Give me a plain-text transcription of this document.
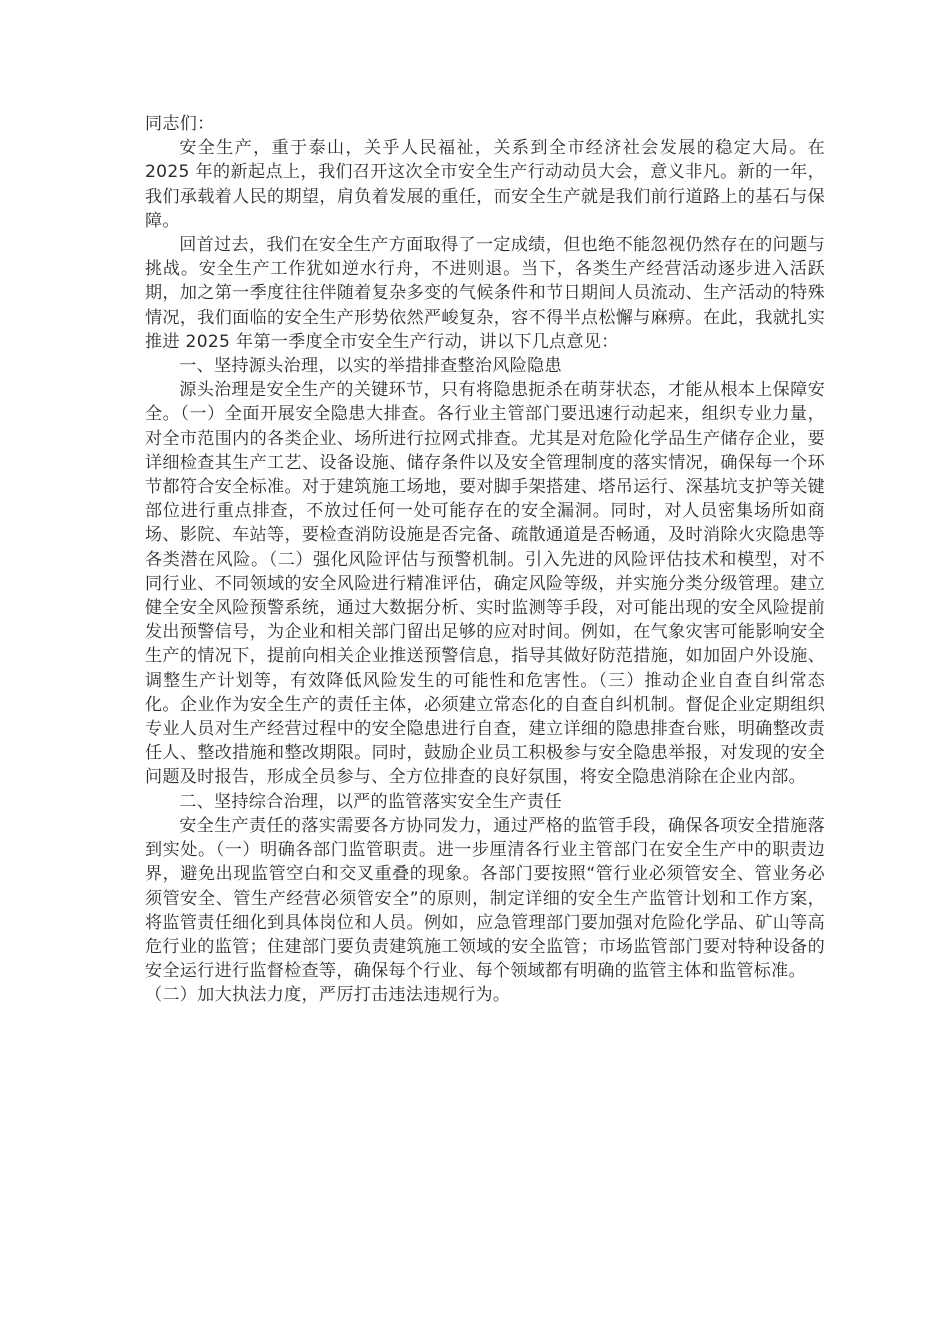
同志们：

安全生产，重于泰山，关乎人民福祉，关系到全市经济社会发展的稳定大局。在 2025 年的新起点上，我们召开这次全市安全生产行动动员大会，意义非凡。新的一年，我们承载着人民的期望，肩负着发展的重任，而安全生产就是我们前行道路上的基石与保障。

回首过去，我们在安全生产方面取得了一定成绩，但也绝不能忽视仍然存在的问题与挑战。安全生产工作犹如逆水行舟，不进则退。当下，各类生产经营活动逐步进入活跃期，加之第一季度往往伴随着复杂多变的气候条件和节日期间人员流动、生产活动的特殊情况，我们面临的安全生产形势依然严峻复杂，容不得半点松懈与麻痹。在此，我就扎实推进 2025 年第一季度全市安全生产行动，讲以下几点意见：

一、坚持源头治理，以实的举措排查整治风险隐患

源头治理是安全生产的关键环节，只有将隐患扼杀在萌芽状态，才能从根本上保障安全。（一）全面开展安全隐患大排查。各行业主管部门要迅速行动起来，组织专业力量，对全市范围内的各类企业、场所进行拉网式排查。尤其是对危险化学品生产储存企业，要详细检查其生产工艺、设备设施、储存条件以及安全管理制度的落实情况，确保每一个环节都符合安全标准。对于建筑施工场地，要对脚手架搭建、塔吊运行、深基坑支护等关键部位进行重点排查，不放过任何一处可能存在的安全漏洞。同时，对人员密集场所如商场、影院、车站等，要检查消防设施是否完备、疏散通道是否畅通，及时消除火灾隐患等各类潜在风险。（二）强化风险评估与预警机制。引入先进的风险评估技术和模型，对不同行业、不同领域的安全风险进行精准评估，确定风险等级，并实施分类分级管理。建立健全安全风险预警系统，通过大数据分析、实时监测等手段，对可能出现的安全风险提前发出预警信号，为企业和相关部门留出足够的应对时间。例如，在气象灾害可能影响安全生产的情况下，提前向相关企业推送预警信息，指导其做好防范措施，如加固户外设施、调整生产计划等，有效降低风险发生的可能性和危害性。（三）推动企业自查自纠常态化。企业作为安全生产的责任主体，必须建立常态化的自查自纠机制。督促企业定期组织专业人员对生产经营过程中的安全隐患进行自查，建立详细的隐患排查台账，明确整改责任人、整改措施和整改期限。同时，鼓励企业员工积极参与安全隐患举报，对发现的安全问题及时报告，形成全员参与、全方位排查的良好氛围，将安全隐患消除在企业内部。

二、坚持综合治理，以严的监管落实安全生产责任

安全生产责任的落实需要各方协同发力，通过严格的监管手段，确保各项安全措施落到实处。（一）明确各部门监管职责。进一步厘清各行业主管部门在安全生产中的职责边界，避免出现监管空白和交叉重叠的现象。各部门要按照“管行业必须管安全、管业务必须管安全、管生产经营必须管安全”的原则，制定详细的安全生产监管计划和工作方案，将监管责任细化到具体岗位和人员。例如，应急管理部门要加强对危险化学品、矿山等高危行业的监管；住建部门要负责建筑施工领域的安全监管；市场监管部门要对特种设备的安全运行进行监督检查等，确保每个行业、每个领域都有明确的监管主体和监管标准。

（二）加大执法力度，严厉打击违法违规行为。
